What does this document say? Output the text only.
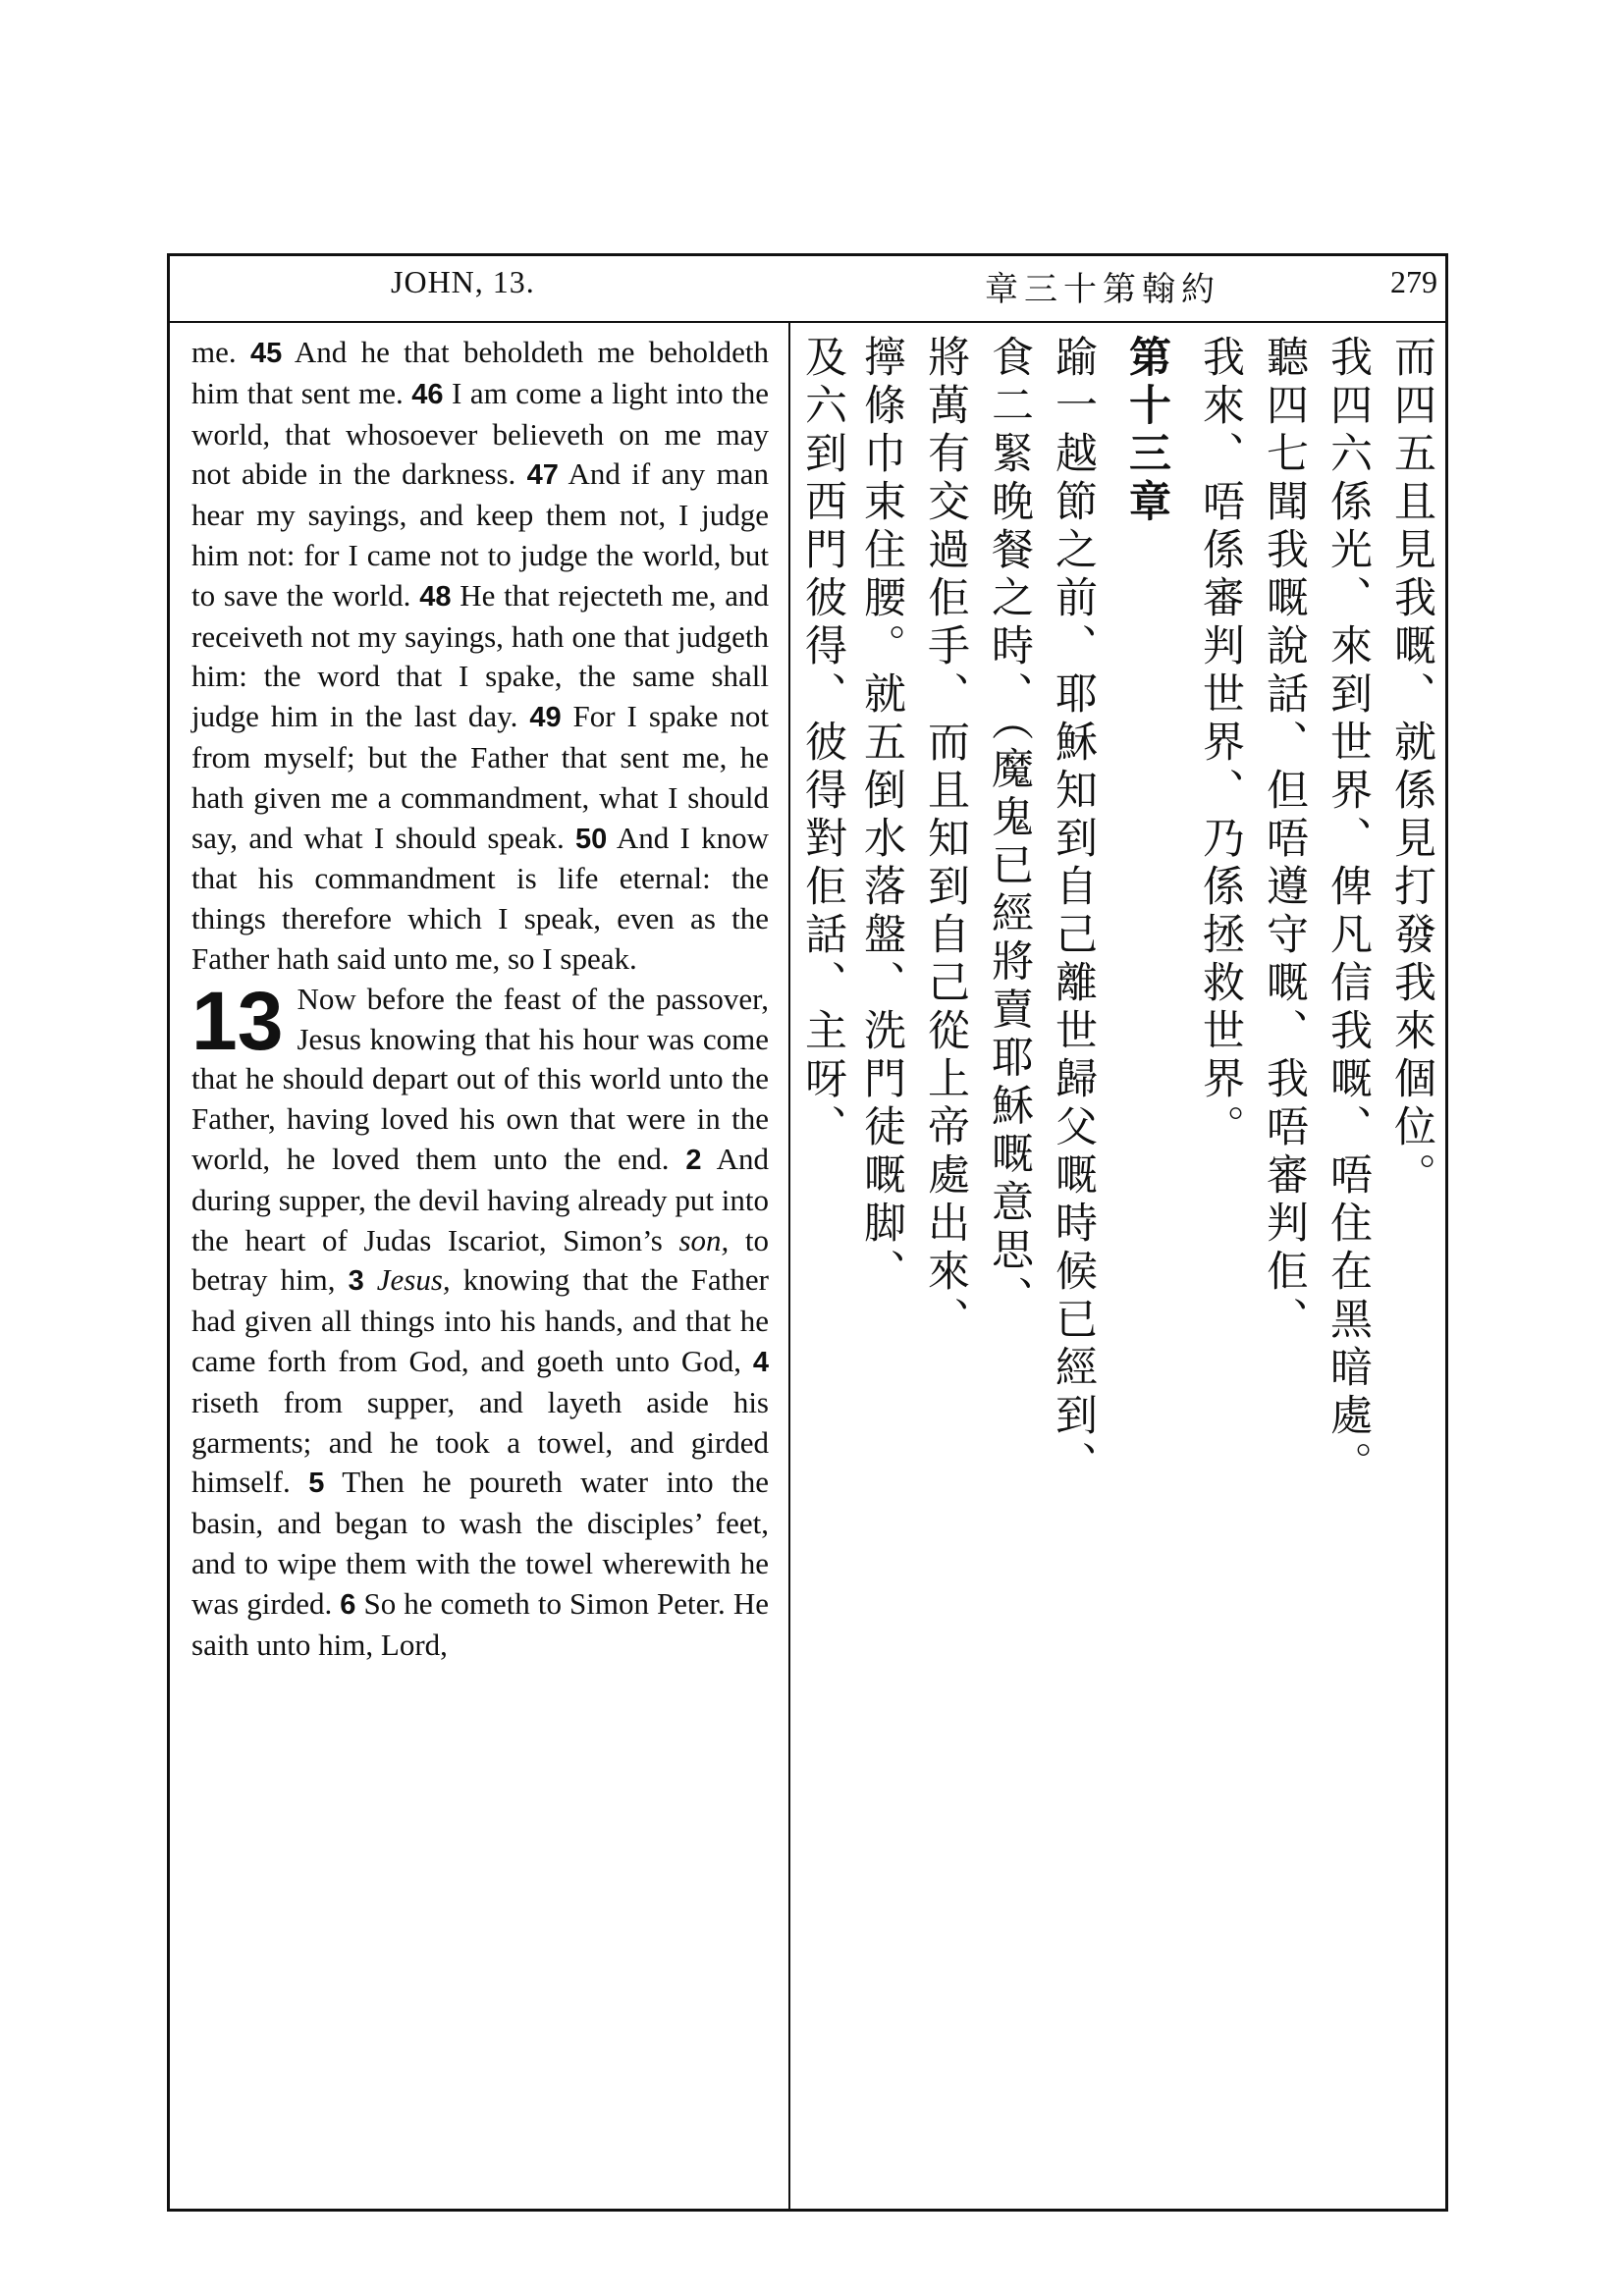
JOHN, 13.	章三十第翰約	279

me. 45 And he that beholdeth me beholdeth him that sent me. 46 I am come a light into the world, that whosoever believeth on me may not abide in the darkness. 47 And if any man hear my sayings, and keep them not, I judge him not: for I came not to judge the world, but to save the world. 48 He that rejecteth me, and receiveth not my sayings, hath one that judgeth him: the word that I spake, the same shall judge him in the last day. 49 For I spake not from myself; but the Father that sent me, he hath given me a commandment, what I should say, and what I should speak. 50 And I know that his commandment is life eternal: the things therefore which I speak, even as the Father hath said unto me, so I speak.

13 Now before the feast of the passover, Jesus knowing that his hour was come that he should depart out of this world unto the Father, having loved his own that were in the world, he loved them unto the end. 2 And during supper, the devil having already put into the heart of Judas Iscariot, Simon’s son, to betray him, 3 Jesus, knowing that the Father had given all things into his hands, and that he came forth from God, and goeth unto God, 4 riseth from supper, and layeth aside his garments; and he took a towel, and girded himself. 5 Then he poureth water into the basin, and began to wash the disciples’ feet, and to wipe them with the towel wherewith he was girded. 6 So he cometh to Simon Peter. He saith unto him, Lord,

而四五且見我嘅、就係見打發我來個位。
我四六係光、來到世界、俾凡信我嘅、唔住在黑暗處。
聽四七聞我嘅說話、但唔遵守嘅、我唔審判佢、
我來、唔係審判世界、乃係拯救世界。
第十三章
踰一越節之前、耶穌知到自己離世歸父嘅時候已經到、
食二緊晚餐之時、（魔鬼已經將賣耶穌嘅意思、
將萬有交過佢手、而且知到自己從上帝處出來、
擰條巾束住腰。就五倒水落盤、洗門徒嘅脚、
及六到西門彼得、彼得對佢話、主呀、
